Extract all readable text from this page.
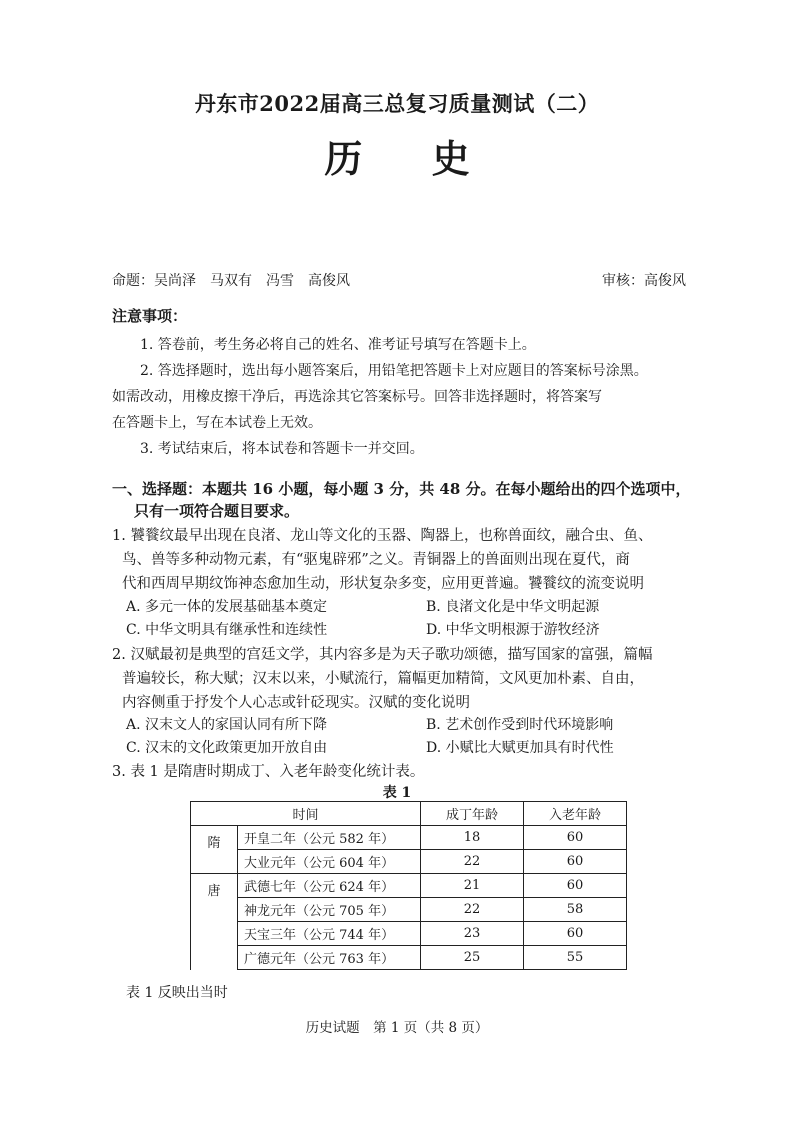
丹东市2022届高三总复习质量测试（二）
历 史
命题：吴尚泽　马双有　冯雪　高俊风	审核：高俊风
注意事项：
1. 答卷前，考生务必将自己的姓名、准考证号填写在答题卡上。
2. 答选择题时，选出每小题答案后，用铅笔把答题卡上对应题目的答案标号涂黑。
如需改动，用橡皮擦干净后，再选涂其它答案标号。回答非选择题时，将答案写
在答题卡上，写在本试卷上无效。
3. 考试结束后，将本试卷和答题卡一并交回。
一、选择题：本题共 16 小题，每小题 3 分，共 48 分。在每小题给出的四个选项中，
只有一项符合题目要求。
1. 饕餮纹最早出现在良渚、龙山等文化的玉器、陶器上，也称兽面纹，融合虫、鱼、
鸟、兽等多种动物元素，有“驱鬼辟邪”之义。青铜器上的兽面则出现在夏代，商
代和西周早期纹饰神态愈加生动，形状复杂多变，应用更普遍。饕餮纹的流变说明
A. 多元一体的发展基础基本奠定	B. 良渚文化是中华文明起源
C. 中华文明具有继承性和连续性	D. 中华文明根源于游牧经济
2. 汉赋最初是典型的宫廷文学，其内容多是为天子歌功颂德，描写国家的富强，篇幅
普遍较长，称大赋；汉末以来，小赋流行，篇幅更加精简，文风更加朴素、自由，
内容侧重于抒发个人心志或针砭现实。汉赋的变化说明
A. 汉末文人的家国认同有所下降	B. 艺术创作受到时代环境影响
C. 汉末的文化政策更加开放自由	D. 小赋比大赋更加具有时代性
3. 表 1 是隋唐时期成丁、入老年龄变化统计表。
表 1
时间		成丁年龄	入老年龄
隋	开皇二年（公元 582 年）	18	60
	大业元年（公元 604 年）	22	60
唐	武德七年（公元 624 年）	21	60
	神龙元年（公元 705 年）	22	58
	天宝三年（公元 744 年）	23	60
	广德元年（公元 763 年）	25	55
表 1 反映出当时
历史试题　第 1 页（共 8 页）
